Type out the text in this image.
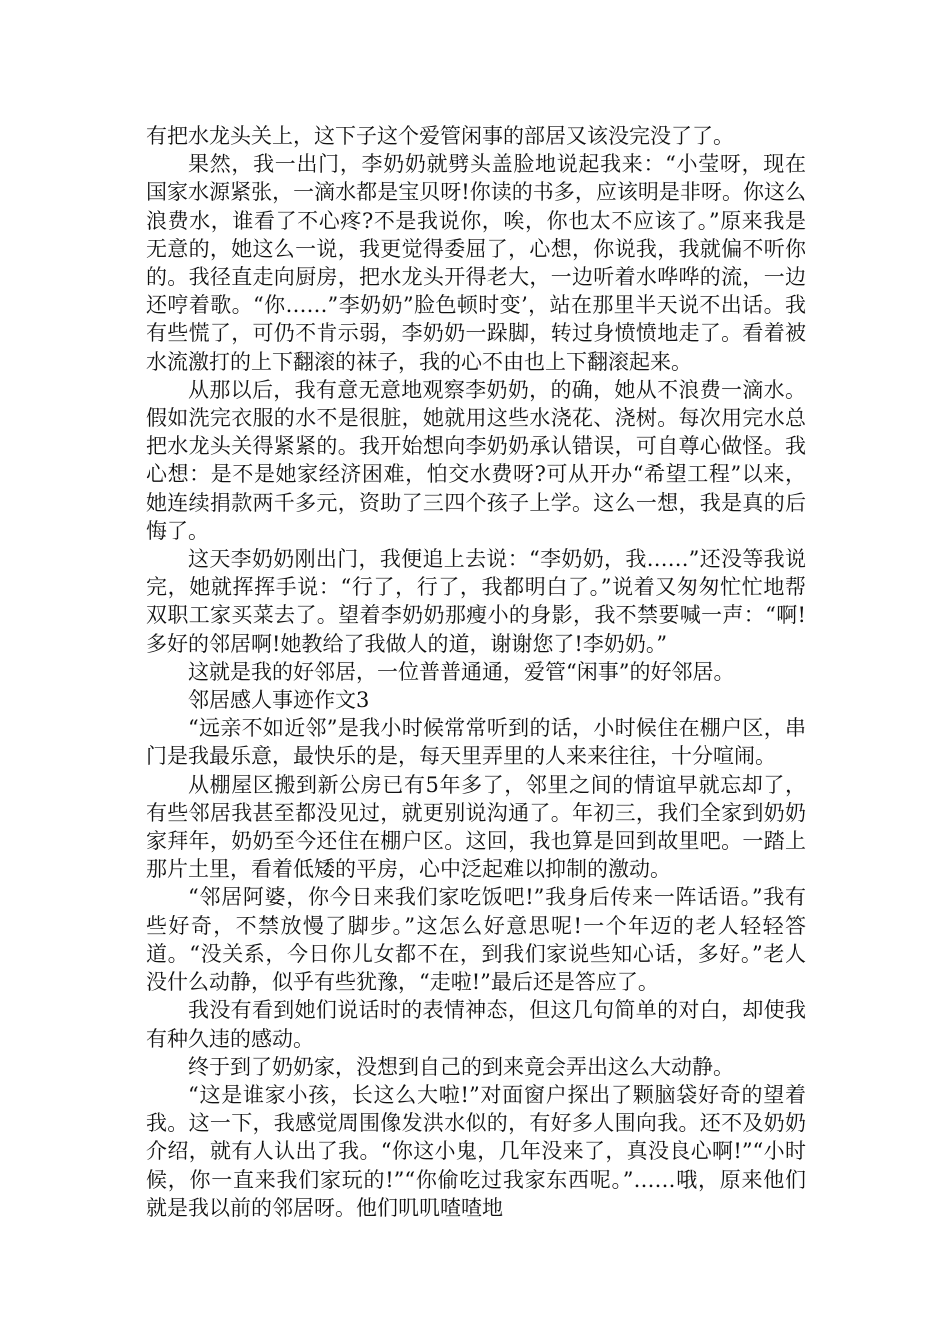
有把水龙头关上，这下子这个爱管闲事的部居又该没完没了了。

果然，我一出门，李奶奶就劈头盖脸地说起我来：“小莹呀，现在国家水源紧张，一滴水都是宝贝呀!你读的书多，应该明是非呀。你这么浪费水，谁看了不心疼?不是我说你，唉，你也太不应该了。”原来我是无意的，她这么一说，我更觉得委屈了，心想，你说我，我就偏不听你的。我径直走向厨房，把水龙头开得老大，一边听着水哗哗的流，一边还哼着歌。“你……”李奶奶”脸色顿时变’，站在那里半天说不出话。我有些慌了，可仍不肯示弱，李奶奶一跺脚，转过身愤愤地走了。看着被水流激打的上下翻滚的袜子，我的心不由也上下翻滚起来。

从那以后，我有意无意地观察李奶奶，的确，她从不浪费一滴水。假如洗完衣服的水不是很脏，她就用这些水浇花、浇树。每次用完水总把水龙头关得紧紧的。我开始想向李奶奶承认错误，可自尊心做怪。我心想：是不是她家经济困难，怕交水费呀?可从开办“希望工程”以来，她连续捐款两千多元，资助了三四个孩子上学。这么一想，我是真的后悔了。

这天李奶奶刚出门，我便追上去说：“李奶奶，我……”还没等我说完，她就挥挥手说：“行了，行了，我都明白了。”说着又匆匆忙忙地帮双职工家买菜去了。望着李奶奶那瘦小的身影，我不禁要喊一声：“啊!多好的邻居啊!她教给了我做人的道，谢谢您了!李奶奶。”

这就是我的好邻居，一位普普通通，爱管“闲事”的好邻居。

邻居感人事迹作文3

“远亲不如近邻”是我小时候常常听到的话，小时候住在棚户区，串门是我最乐意，最快乐的是，每天里弄里的人来来往往，十分喧闹。

从棚屋区搬到新公房已有5年多了，邻里之间的情谊早就忘却了，有些邻居我甚至都没见过，就更别说沟通了。年初三，我们全家到奶奶家拜年，奶奶至今还住在棚户区。这回，我也算是回到故里吧。一踏上那片土里，看着低矮的平房，心中泛起难以抑制的激动。

“邻居阿婆，你今日来我们家吃饭吧!”我身后传来一阵话语。”我有些好奇，不禁放慢了脚步。”这怎么好意思呢!一个年迈的老人轻轻答道。“没关系，今日你儿女都不在，到我们家说些知心话，多好。”老人没什么动静，似乎有些犹豫，“走啦!”最后还是答应了。

我没有看到她们说话时的表情神态，但这几句简单的对白，却使我有种久违的感动。

终于到了奶奶家，没想到自己的到来竟会弄出这么大动静。

“这是谁家小孩，长这么大啦!”对面窗户探出了颗脑袋好奇的望着我。这一下，我感觉周围像发洪水似的，有好多人围向我。还不及奶奶介绍，就有人认出了我。“你这小鬼，几年没来了，真没良心啊!”“小时候，你一直来我们家玩的!”“你偷吃过我家东西呢。”……哦，原来他们就是我以前的邻居呀。他们叽叽喳喳地
